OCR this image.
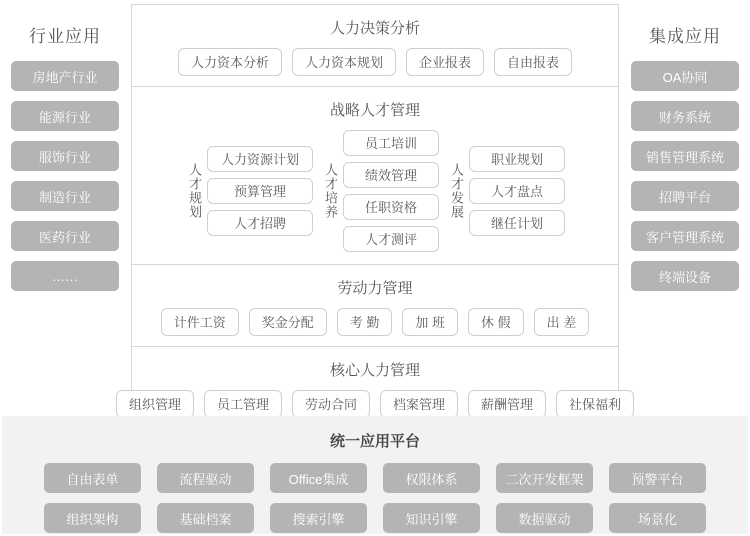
行业应用
房地产行业
能源行业
服饰行业
制造行业
医药行业
……
集成应用
OA协同
财务系统
销售管理系统
招聘平台
客户管理系统
终端设备
人力决策分析
人力资本分析	人力资本规划	企业报表	自由报表
战略人才管理
人才规划
人力资源计划
预算管理
人才招聘
人才培养
员工培训
绩效管理
任职资格
人才测评
人才发展
职业规划
人才盘点
继任计划
劳动力管理
计件工资	奖金分配	考 勤	加 班	休 假	出 差
核心人力管理
组织管理	员工管理	劳动合同	档案管理	薪酬管理	社保福利
统一应用平台
自由表单	流程驱动	Office集成	权限体系	二次开发框架	预警平台
组织架构	基础档案	搜索引擎	知识引擎	数据驱动	场景化
